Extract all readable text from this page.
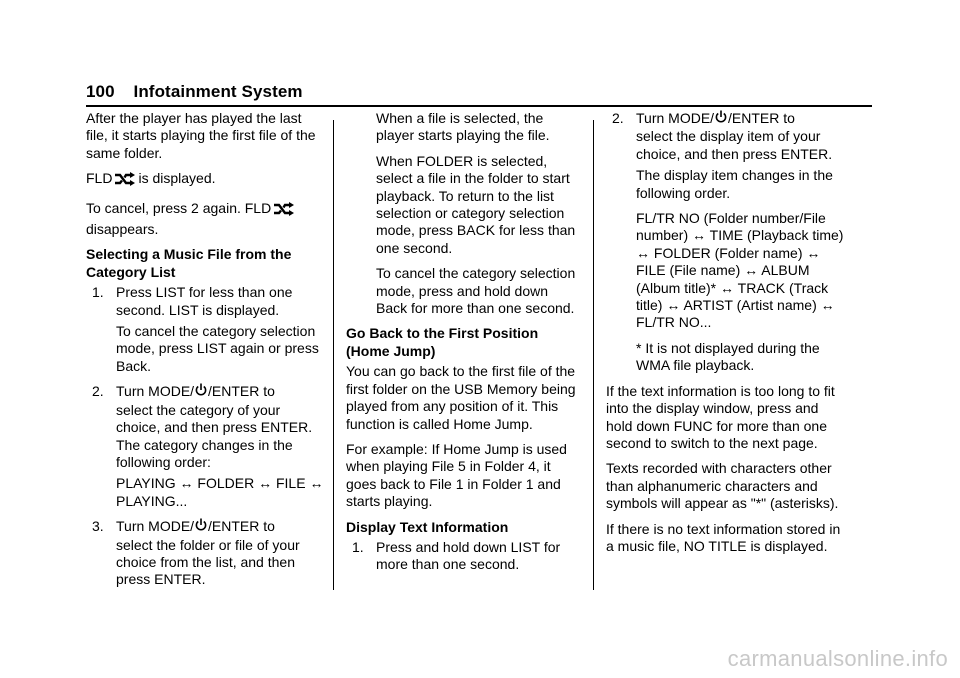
100 Infotainment System

After the player has played the last file, it starts playing the first file of the same folder.

FLD is displayed.

To cancel, press 2 again. FLD
disappears.

Selecting a Music File from the Category List

1. Press LIST for less than one second. LIST is displayed.

To cancel the category selection mode, press LIST again or press Back.

2. Turn MODE/ /ENTER to
select the category of your choice, and then press ENTER. The category changes in the following order:

PLAYING ↔ FOLDER ↔ FILE ↔ PLAYING...

3. Turn MODE/ /ENTER to
select the folder or file of your choice from the list, and then press ENTER.

When a file is selected, the player starts playing the file.

When FOLDER is selected, select a file in the folder to start playback. To return to the list selection or category selection mode, press BACK for less than one second.

To cancel the category selection mode, press and hold down Back for more than one second.

Go Back to the First Position (Home Jump)

You can go back to the first file of the first folder on the USB Memory being played from any position of it. This function is called Home Jump.

For example: If Home Jump is used when playing File 5 in Folder 4, it goes back to File 1 in Folder 1 and starts playing.

Display Text Information

1. Press and hold down LIST for more than one second.

2. Turn MODE/ /ENTER to
select the display item of your choice, and then press ENTER.

The display item changes in the following order.

FL/TR NO (Folder number/File number) ↔ TIME (Playback time) ↔ FOLDER (Folder name) ↔ FILE (File name) ↔ ALBUM (Album title)* ↔ TRACK (Track title) ↔ ARTIST (Artist name) ↔ FL/TR NO...

* It is not displayed during the WMA file playback.

If the text information is too long to fit into the display window, press and hold down FUNC for more than one second to switch to the next page.

Texts recorded with characters other than alphanumeric characters and symbols will appear as "*" (asterisks).

If there is no text information stored in a music file, NO TITLE is displayed.

carmanualsonline.info
